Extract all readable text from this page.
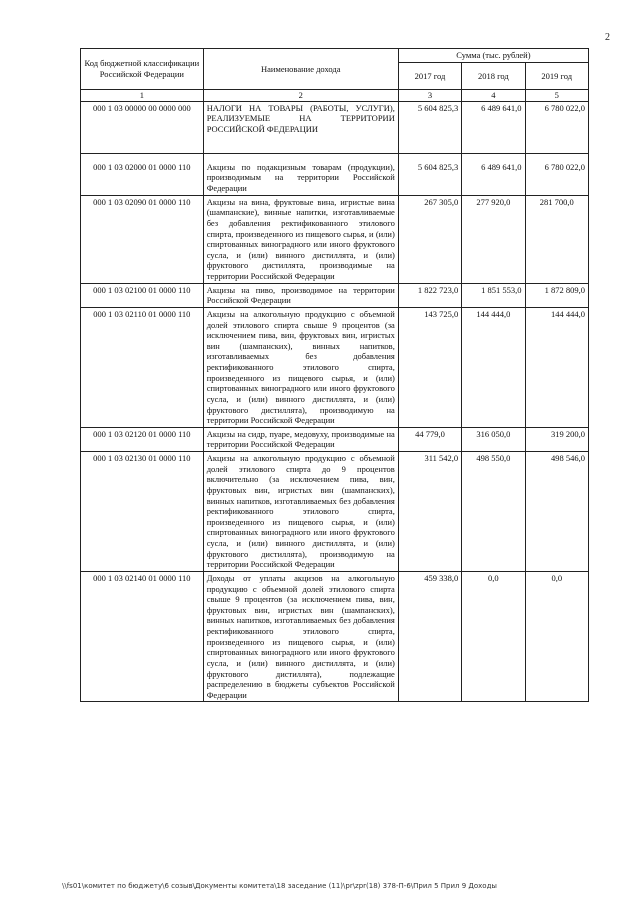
2
Код бюджетной классификации Российской Федерации	Наименование дохода	Сумма (тыс. рублей)		
		2017 год	2018 год	2019 год
1	2	3	4	5
000 1 03 00000 00 0000 000	НАЛОГИ НА ТОВАРЫ (РАБОТЫ, УСЛУГИ), РЕАЛИЗУЕМЫЕ НА ТЕРРИТОРИИ РОССИЙСКОЙ ФЕДЕРАЦИИ	5 604 825,3	6 489 641,0	6 780 022,0
000 1 03 02000 01 0000 110	Акцизы по подакцизным товарам (продукции), производимым на территории Российской Федерации	5 604 825,3	6 489 641,0	6 780 022,0
000 1 03 02090 01 0000 110	Акцизы на вина, фруктовые вина, игристые вина (шампанские), винные напитки, изготавливаемые без добавления ректификованного этилового спирта, произведенного из пищевого сырья, и (или) спиртованных виноградного или иного фруктового сусла, и (или) винного дистиллята, и (или) фруктового дистиллята, производимые на территории Российской Федерации	267 305,0	277 920,0	281 700,0
000 1 03 02100 01 0000 110	Акцизы на пиво, производимое на территории Российской Федерации	1 822 723,0	1 851 553,0	1 872 809,0
000 1 03 02110 01 0000 110	Акцизы на алкогольную продукцию с объемной долей этилового спирта свыше 9 процентов (за исключением пива, вин, фруктовых вин, игристых вин (шампанских), винных напитков, изготавливаемых без добавления ректификованного этилового спирта, произведенного из пищевого сырья, и (или) спиртованных виноградного или иного фруктового сусла, и (или) винного дистиллята, и (или) фруктового дистиллята), производимую на территории Российской Федерации	143 725,0	144 444,0	144 444,0
000 1 03 02120 01 0000 110	Акцизы на сидр, пуаре, медовуху, производимые на территории Российской Федерации	44 779,0	316 050,0	319 200,0
000 1 03 02130 01 0000 110	Акцизы на алкогольную продукцию с объемной долей этилового спирта до 9 процентов включительно (за исключением пива, вин, фруктовых вин, игристых вин (шампанских), винных напитков, изготавливаемых без добавления ректификованного этилового спирта, произведенного из пищевого сырья, и (или) спиртованных виноградного или иного фруктового сусла, и (или) винного дистиллята, и (или) фруктового дистиллята), производимую на территории Российской Федерации	311 542,0	498 550,0	498 546,0
000 1 03 02140 01 0000 110	Доходы от уплаты акцизов на алкогольную продукцию с объемной долей этилового спирта свыше 9 процентов (за исключением пива, вин, фруктовых вин, игристых вин (шампанских), винных напитков, изготавливаемых без добавления ректификованного этилового спирта, произведенного из пищевого сырья, и (или) спиртованных виноградного или иного фруктового сусла, и (или) винного дистиллята, и (или) фруктового дистиллята), подлежащие распределению в бюджеты субъектов Российской Федерации	459 338,0	0,0	0,0
\\fs01\комитет по бюджету\6 созыв\Документы комитета\18 заседание (11)\pr\zpr(18) 378-П-6\Прил 5 Прил 9 Доходы
